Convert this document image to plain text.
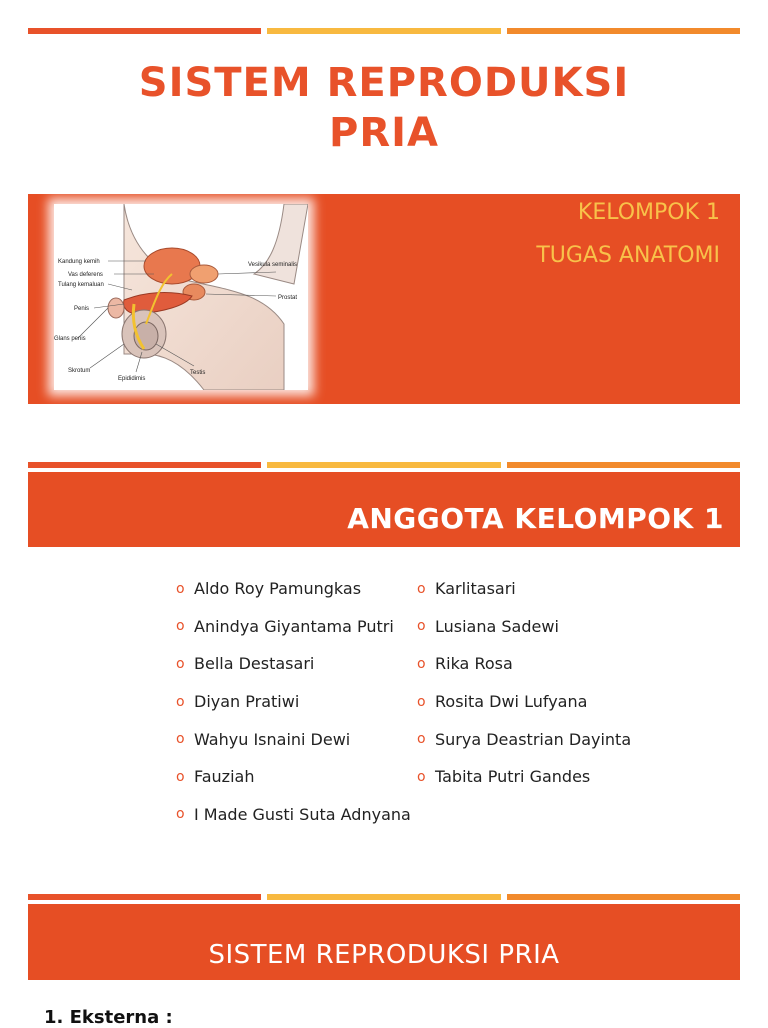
SISTEM REPRODUKSI
PRIA
Kandung kemih
Vas deferens
Tulang kemaluan
Penis
Glans penis
Skrotum
Epididimis
Testis
Vesikula seminalis
Prostat
KELOMPOK 1
TUGAS ANATOMI
ANGGOTA KELOMPOK 1
o Aldo Roy Pamungkas
o Anindya Giyantama Putri
o Bella Destasari
o Diyan Pratiwi
o Wahyu Isnaini Dewi
o Fauziah
o I Made Gusti Suta Adnyana
o Karlitasari
o Lusiana Sadewi
o Rika Rosa
o Rosita Dwi Lufyana
o Surya Deastrian Dayinta
o Tabita Putri Gandes
SISTEM REPRODUKSI PRIA
1. Eksterna :
